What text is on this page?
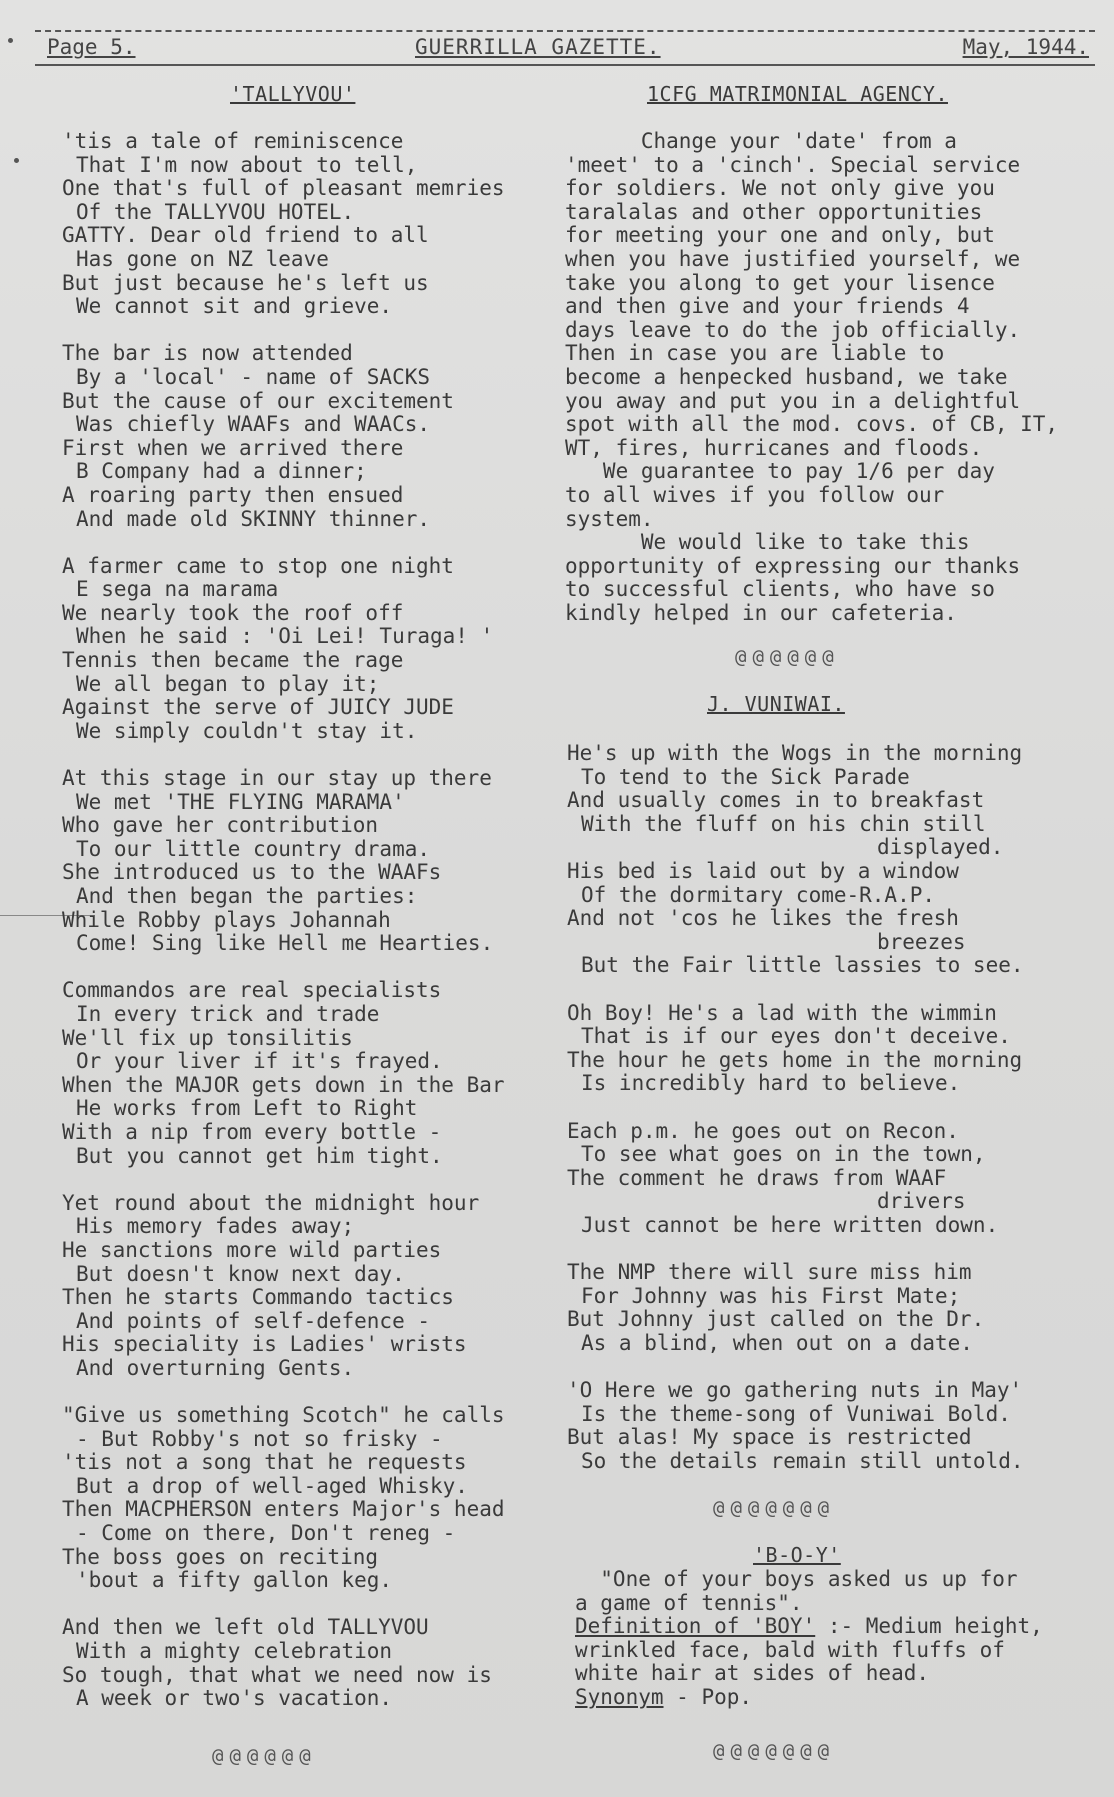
Page 5.	GUERRILLA GAZETTE.	May, 1944.
'TALLYVOU'
'tis a tale of reminiscence
That I'm now about to tell,
One that's full of pleasant memries
Of the TALLYVOU HOTEL.
GATTY. Dear old friend to all
Has gone on NZ leave
But just because he's left us
We cannot sit and grieve.
The bar is now attended
By a 'local' - name of SACKS
But the cause of our excitement
Was chiefly WAAFs and WAACs.
First when we arrived there
B Company had a dinner;
A roaring party then ensued
And made old SKINNY thinner.
A farmer came to stop one night
E sega na marama
We nearly took the roof off
When he said : 'Oi Lei! Turaga! '
Tennis then became the rage
We all began to play it;
Against the serve of JUICY JUDE
We simply couldn't stay it.
At this stage in our stay up there
We met 'THE FLYING MARAMA'
Who gave her contribution
To our little country drama.
She introduced us to the WAAFs
And then began the parties:
While Robby plays Johannah
Come! Sing like Hell me Hearties.
Commandos are real specialists
In every trick and trade
We'll fix up tonsilitis
Or your liver if it's frayed.
When the MAJOR gets down in the Bar
He works from Left to Right
With a nip from every bottle -
But you cannot get him tight.
Yet round about the midnight hour
His memory fades away;
He sanctions more wild parties
But doesn't know next day.
Then he starts Commando tactics
And points of self-defence -
His speciality is Ladies' wrists
And overturning Gents.
"Give us something Scotch" he calls
- But Robby's not so frisky -
'tis not a song that he requests
But a drop of well-aged Whisky.
Then MACPHERSON enters Major's head
- Come on there, Don't reneg -
The boss goes on reciting
'bout a fifty gallon keg.
And then we left old TALLYVOU
With a mighty celebration
So tough, that what we need now is
A week or two's vacation.
@@@@@@
1CFG MATRIMONIAL AGENCY.
Change your 'date' from a
'meet' to a 'cinch'. Special service
for soldiers. We not only give you
taralalas and other opportunities
for meeting your one and only, but
when you have justified yourself, we
take you along to get your lisence
and then give and your friends 4
days leave to do the job officially.
Then in case you are liable to
become a henpecked husband, we take
you away and put you in a delightful
spot with all the mod. covs. of CB, IT,
WT, fires, hurricanes and floods.
We guarantee to pay 1/6 per day
to all wives if you follow our
system.
We would like to take this
opportunity of expressing our thanks
to successful clients, who have so
kindly helped in our cafeteria.
@@@@@@
J. VUNIWAI.
He's up with the Wogs in the morning
To tend to the Sick Parade
And usually comes in to breakfast
With the fluff on his chin still
displayed.
His bed is laid out by a window
Of the dormitary come-R.A.P.
And not 'cos he likes the fresh
breezes
But the Fair little lassies to see.
Oh Boy! He's a lad with the wimmin
That is if our eyes don't deceive.
The hour he gets home in the morning
Is incredibly hard to believe.
Each p.m. he goes out on Recon.
To see what goes on in the town,
The comment he draws from WAAF
drivers
Just cannot be here written down.
The NMP there will sure miss him
For Johnny was his First Mate;
But Johnny just called on the Dr.
As a blind, when out on a date.
'O Here we go gathering nuts in May'
Is the theme-song of Vuniwai Bold.
But alas! My space is restricted
So the details remain still untold.
@@@@@@@
'B-O-Y'
"One of your boys asked us up for
a game of tennis".
Definition of 'BOY' :- Medium height,
wrinkled face, bald with fluffs of
white hair at sides of head.
Synonym - Pop.
@@@@@@@
